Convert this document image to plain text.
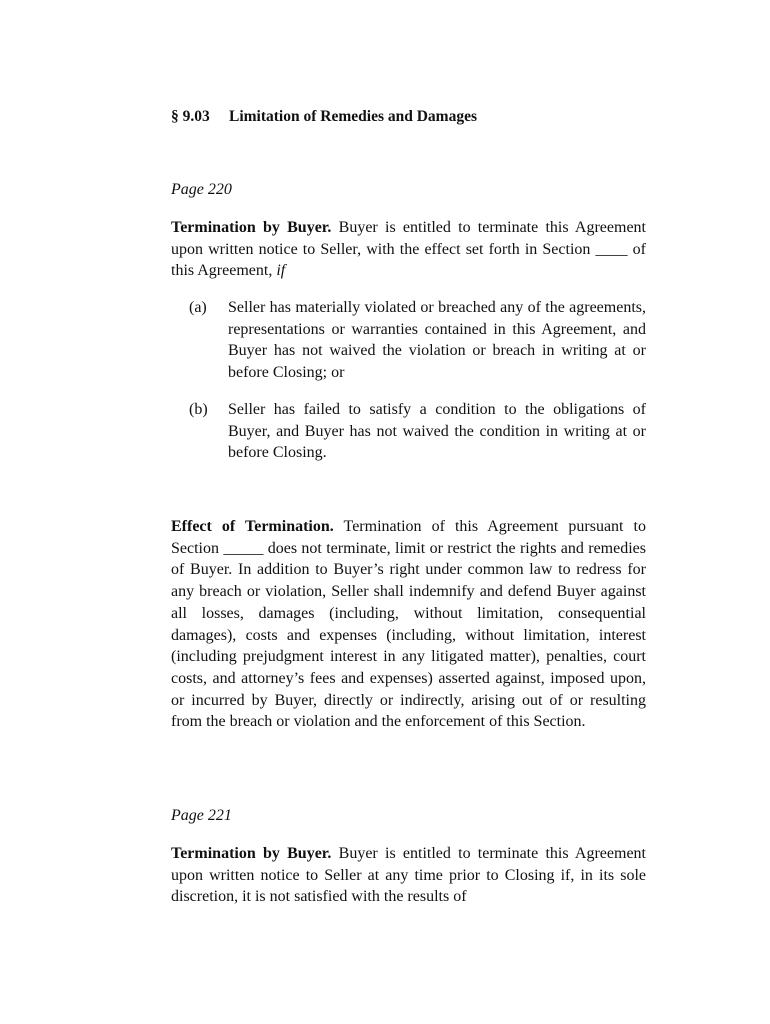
§ 9.03 Limitation of Remedies and Damages
Page 220
Termination by Buyer. Buyer is entitled to terminate this Agreement upon written notice to Seller, with the effect set forth in Section ____ of this Agreement, if
(a) Seller has materially violated or breached any of the agreements, representations or warranties contained in this Agreement, and Buyer has not waived the violation or breach in writing at or before Closing; or
(b) Seller has failed to satisfy a condition to the obligations of Buyer, and Buyer has not waived the condition in writing at or before Closing.
Effect of Termination. Termination of this Agreement pursuant to Section _____ does not terminate, limit or restrict the rights and remedies of Buyer. In addition to Buyer’s right under common law to redress for any breach or violation, Seller shall indemnify and defend Buyer against all losses, damages (including, without limitation, consequential damages), costs and expenses (including, without limitation, interest (including prejudgment interest in any litigated matter), penalties, court costs, and attorney’s fees and expenses) asserted against, imposed upon, or incurred by Buyer, directly or indirectly, arising out of or resulting from the breach or violation and the enforcement of this Section.
Page 221
Termination by Buyer. Buyer is entitled to terminate this Agreement upon written notice to Seller at any time prior to Closing if, in its sole discretion, it is not satisfied with the results of
